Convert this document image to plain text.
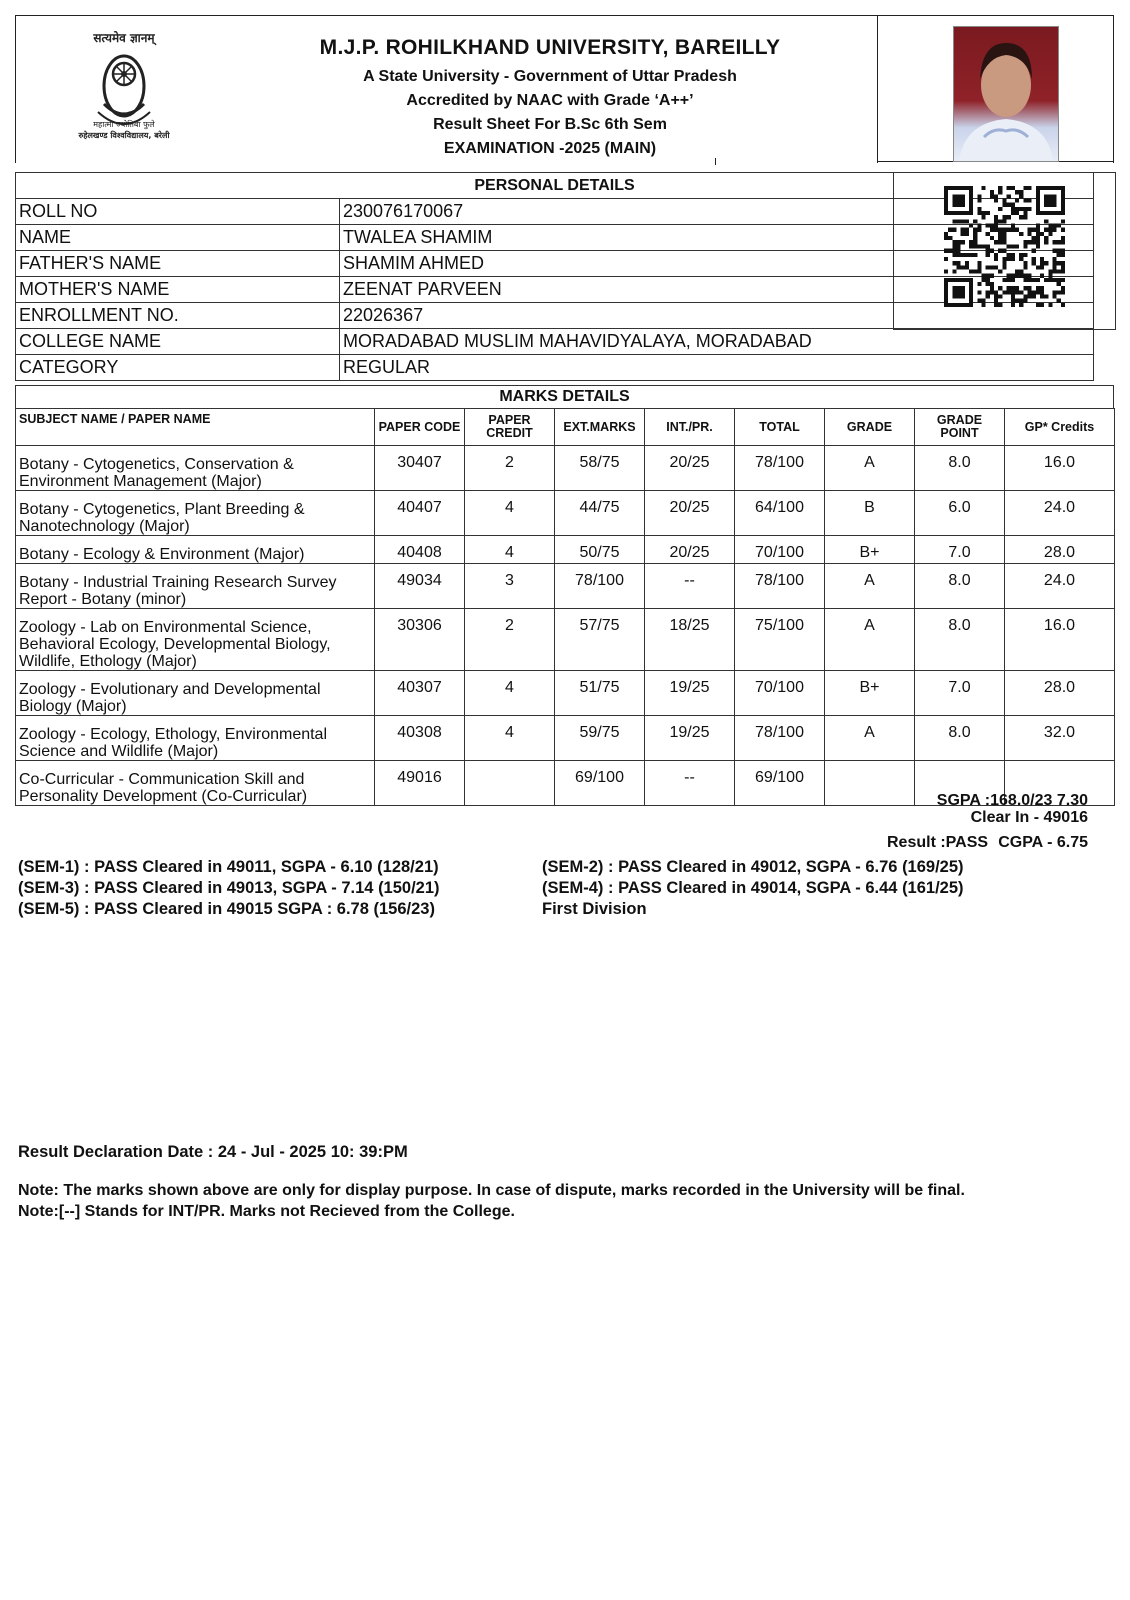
सत्यमेव ज्ञानम्
महात्मा ज्योतिबा फुले
रुहेलखण्ड विश्वविद्यालय, बरेली
M.J.P. ROHILKHAND UNIVERSITY, BAREILLY
A State University - Government of Uttar Pradesh
Accredited by NAAC with Grade ‘A++’
Result Sheet For B.Sc 6th Sem
EXAMINATION -2025 (MAIN)
PERSONAL DETAILS	
ROLL NO	230076170067
NAME	TWALEA SHAMIM
FATHER'S NAME	SHAMIM AHMED
MOTHER'S NAME	ZEENAT PARVEEN
ENROLLMENT NO.	22026367
COLLEGE NAME	MORADABAD MUSLIM MAHAVIDYALAYA, MORADABAD
CATEGORY	REGULAR
MARKS DETAILS
SUBJECT NAME / PAPER NAME	PAPER CODE	PAPER CREDIT	EXT.MARKS	INT./PR.	TOTAL	GRADE	GRADE POINT	GP* Credits
Botany - Cytogenetics, Conservation & Environment Management (Major)	30407	2	58/75	20/25	78/100	A	8.0	16.0
Botany - Cytogenetics, Plant Breeding & Nanotechnology (Major)	40407	4	44/75	20/25	64/100	B	6.0	24.0
Botany - Ecology & Environment (Major)	40408	4	50/75	20/25	70/100	B+	7.0	28.0
Botany - Industrial Training Research Survey Report - Botany (minor)	49034	3	78/100	--	78/100	A	8.0	24.0
Zoology - Lab on Environmental Science, Behavioral Ecology, Developmental Biology, Wildlife, Ethology (Major)	30306	2	57/75	18/25	75/100	A	8.0	16.0
Zoology - Evolutionary and Developmental Biology (Major)	40307	4	51/75	19/25	70/100	B+	7.0	28.0
Zoology - Ecology, Ethology, Environmental Science and Wildlife (Major)	40308	4	59/75	19/25	78/100	A	8.0	32.0
Co-Curricular - Communication Skill and Personality Development (Co-Curricular)	49016		69/100	--	69/100			
SGPA :168.0/23 7.30
Clear In - 49016
Result :PASS CGPA - 6.75
(SEM-1) : PASS Cleared in 49011, SGPA - 6.10 (128/21)	(SEM-2) : PASS Cleared in 49012, SGPA - 6.76 (169/25)
(SEM-3) : PASS Cleared in 49013, SGPA - 7.14 (150/21)	(SEM-4) : PASS Cleared in 49014, SGPA - 6.44 (161/25)
(SEM-5) : PASS Cleared in 49015 SGPA : 6.78 (156/23)	First Division
Result Declaration Date : 24 - Jul - 2025 10: 39:PM
Note: The marks shown above are only for display purpose. In case of dispute, marks recorded in the University will be final.
Note:[--] Stands for INT/PR. Marks not Recieved from the College.
